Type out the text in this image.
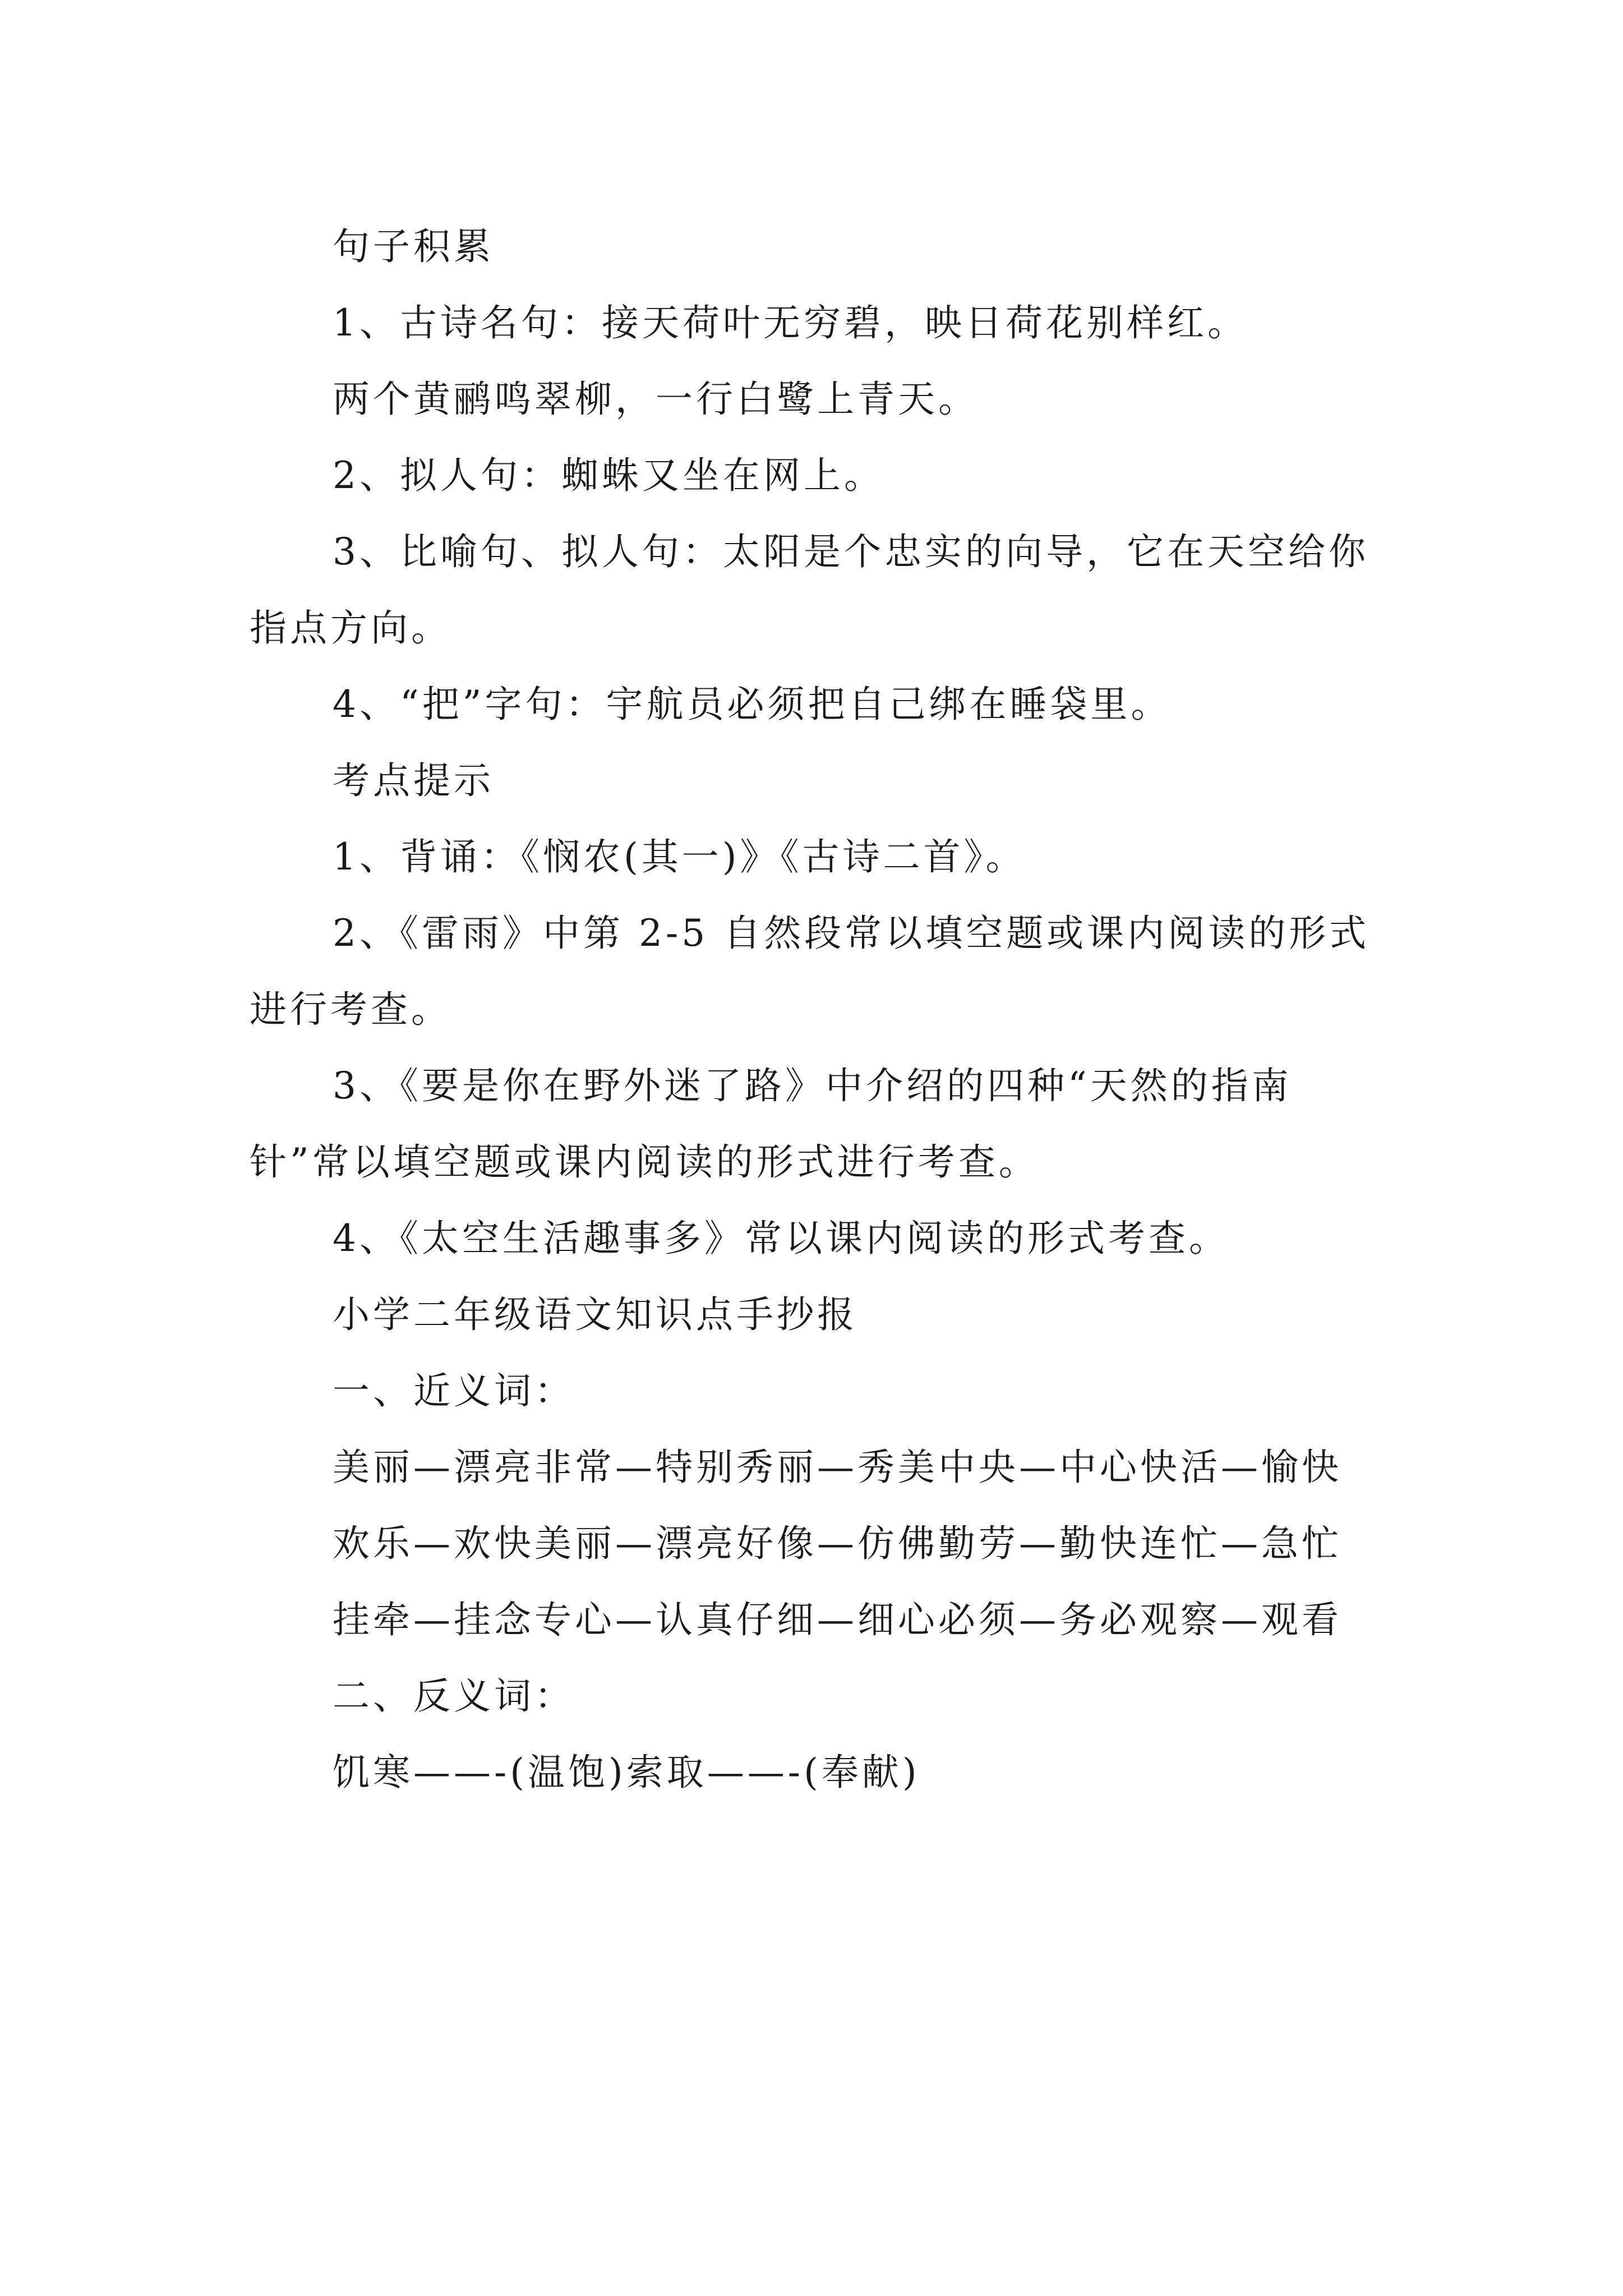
句子积累

1、古诗名句：接天荷叶无穷碧，映日荷花别样红。

两个黄鹂鸣翠柳，一行白鹭上青天。

2、拟人句：蜘蛛又坐在网上。

3、比喻句、拟人句：太阳是个忠实的向导，它在天空给你指点方向。

4、“把”字句：宇航员必须把自己绑在睡袋里。

考点提示

1、背诵：《悯农(其一)》《古诗二首》。

2、《雷雨》中第 2-5 自然段常以填空题或课内阅读的形式进行考查。

3、《要是你在野外迷了路》中介绍的四种“天然的指南针”常以填空题或课内阅读的形式进行考查。

4、《太空生活趣事多》常以课内阅读的形式考查。

小学二年级语文知识点手抄报

一、近义词：

美丽—漂亮非常—特别秀丽—秀美中央—中心快活—愉快

欢乐—欢快美丽—漂亮好像—仿佛勤劳—勤快连忙—急忙

挂牵—挂念专心—认真仔细—细心必须—务必观察—观看

二、反义词：

饥寒——-(温饱)索取——-(奉献)
